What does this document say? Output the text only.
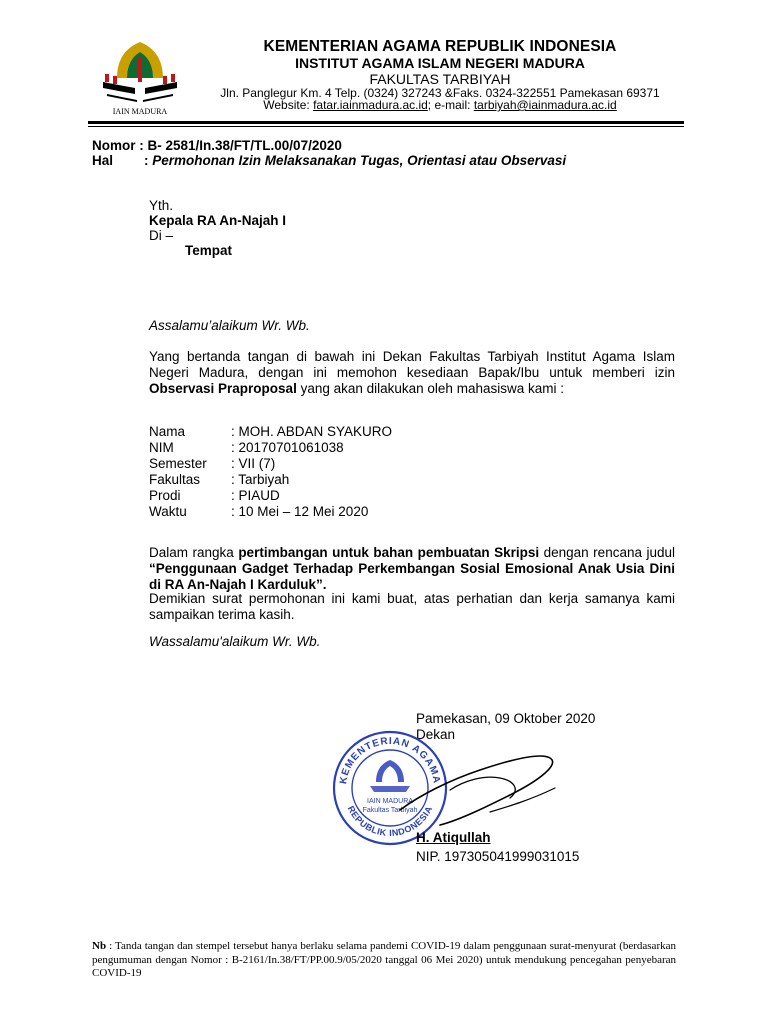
IAIN MADURA
KEMENTERIAN AGAMA REPUBLIK INDONESIA
INSTITUT AGAMA ISLAM NEGERI MADURA
FAKULTAS TARBIYAH
Jln. Panglegur Km. 4 Telp. (0324) 327243 &Faks. 0324-322551 Pamekasan 69371
Website: fatar.iainmadura.ac.id; e-mail: tarbiyah@iainmadura.ac.id
Nomor : B- 2581/In.38/FT/TL.00/07/2020
Hal : Permohonan Izin Melaksanakan Tugas, Orientasi atau Observasi
Yth.
Kepala RA An-Najah I
Di –
Tempat
Assalamu’alaikum Wr. Wb.
Yang bertanda tangan di bawah ini Dekan Fakultas Tarbiyah Institut Agama Islam Negeri Madura, dengan ini memohon kesediaan Bapak/Ibu untuk memberi izin Observasi Praproposal yang akan dilakukan oleh mahasiswa kami :
Nama	: MOH. ABDAN SYAKURO
NIM	: 20170701061038
Semester	: VII (7)
Fakultas	: Tarbiyah
Prodi	: PIAUD
Waktu	: 10 Mei – 12 Mei 2020
Dalam rangka pertimbangan untuk bahan pembuatan Skripsi dengan rencana judul “Penggunaan Gadget Terhadap Perkembangan Sosial Emosional Anak Usia Dini di RA An-Najah I Karduluk”.
Demikian surat permohonan ini kami buat, atas perhatian dan kerja samanya kami sampaikan terima kasih.
Wassalamu'alaikum Wr. Wb.
Pamekasan, 09 Oktober 2020
Dekan
KEMENTERIAN AGAMA
REPUBLIK INDONESIA
IAIN MADURA
Fakultas Tarbiyah
H. Atiqullah
NIP. 197305041999031015
Nb : Tanda tangan dan stempel tersebut hanya berlaku selama pandemi COVID-19 dalam penggunaan surat-menyurat (berdasarkan pengumuman dengan Nomor : B-2161/In.38/FT/PP.00.9/05/2020 tanggal 06 Mei 2020) untuk mendukung pencegahan penyebaran COVID-19
